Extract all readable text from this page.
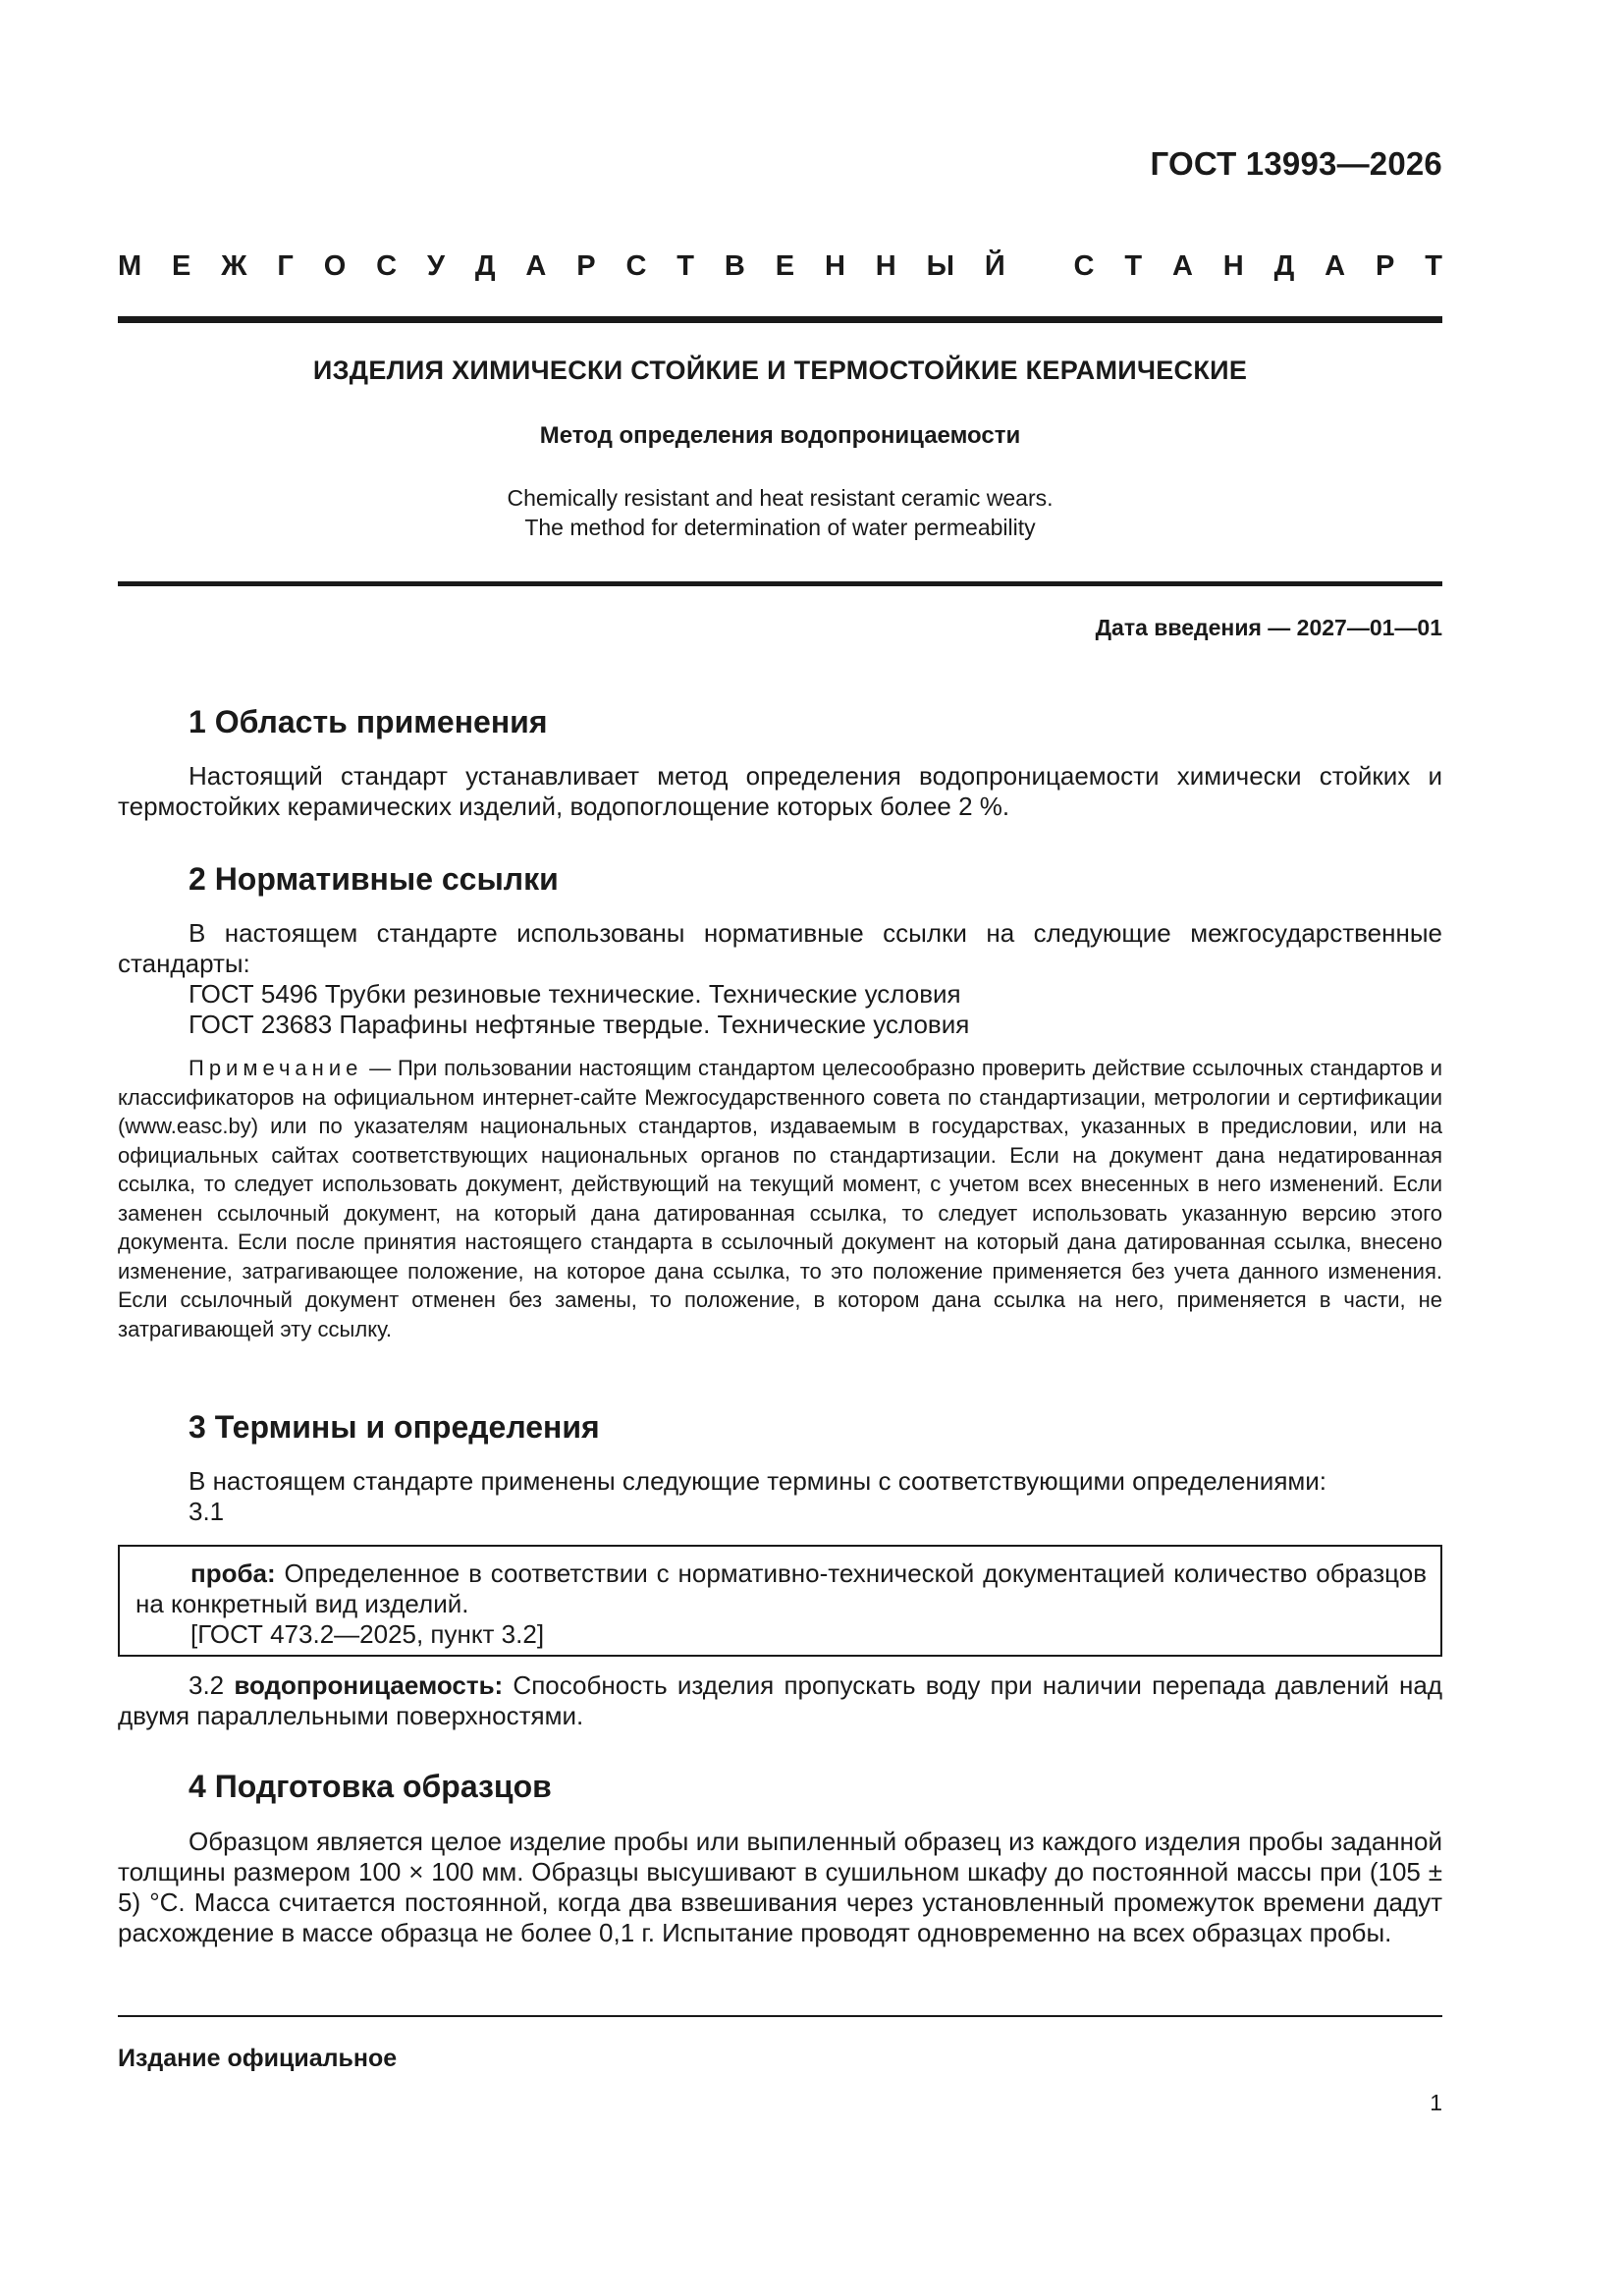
ГОСТ 13993—2026
М Е Ж Г О С У Д А Р С Т В Е Н Н Ы Й
С Т А Н Д А Р Т
ИЗДЕЛИЯ ХИМИЧЕСКИ СТОЙКИЕ И ТЕРМОСТОЙКИЕ КЕРАМИЧЕСКИЕ
Метод определения водопроницаемости
Chemically resistant and heat resistant ceramic wears.
The method for determination of water permeability
Дата введения — 2027—01—01
1 Область применения
Настоящий стандарт устанавливает метод определения водопроницаемости химически стойких и термостойких керамических изделий, водопоглощение которых более 2 %.
2 Нормативные ссылки
В настоящем стандарте использованы нормативные ссылки на следующие межгосударственные стандарты:
ГОСТ 5496 Трубки резиновые технические. Технические условия
ГОСТ 23683 Парафины нефтяные твердые. Технические условия
Примечание — При пользовании настоящим стандартом целесообразно проверить действие ссылочных стандартов и классификаторов на официальном интернет-сайте Межгосударственного совета по стандартизации, метрологии и сертификации (www.easc.by) или по указателям национальных стандартов, издаваемым в государствах, указанных в предисловии, или на официальных сайтах соответствующих национальных органов по стандартизации. Если на документ дана недатированная ссылка, то следует использовать документ, действующий на текущий момент, с учетом всех внесенных в него изменений. Если заменен ссылочный документ, на который дана датированная ссылка, то следует использовать указанную версию этого документа. Если после принятия настоящего стандарта в ссылочный документ на который дана датированная ссылка, внесено изменение, затрагивающее положение, на которое дана ссылка, то это положение применяется без учета данного изменения. Если ссылочный документ отменен без замены, то положение, в котором дана ссылка на него, применяется в части, не затрагивающей эту ссылку.
3 Термины и определения
В настоящем стандарте применены следующие термины с соответствующими определениями:
3.1
проба: Определенное в соответствии с нормативно-технической документацией количество образцов на конкретный вид изделий.
[ГОСТ 473.2—2025, пункт 3.2]
3.2 водопроницаемость: Способность изделия пропускать воду при наличии перепада давлений над двумя параллельными поверхностями.
4 Подготовка образцов
Образцом является целое изделие пробы или выпиленный образец из каждого изделия пробы заданной толщины размером 100 × 100 мм. Образцы высушивают в сушильном шкафу до постоянной массы при (105 ± 5) °С. Масса считается постоянной, когда два взвешивания через установленный промежуток времени дадут расхождение в массе образца не более 0,1 г. Испытание проводят одновременно на всех образцах пробы.
Издание официальное
1
